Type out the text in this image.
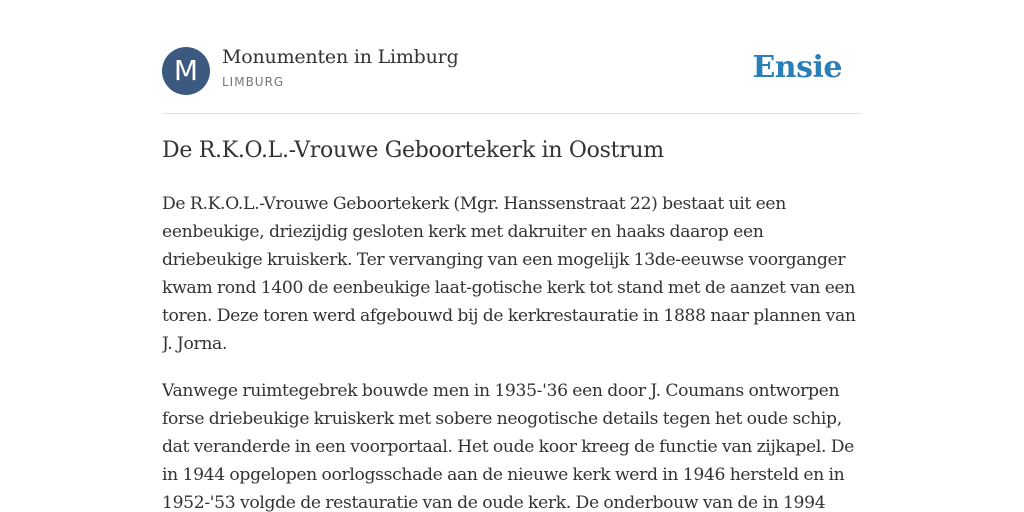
M	Monumenten in Limburg
LIMBURG	Ensie
De R.K.O.L.-Vrouwe Geboortekerk in Oostrum

De R.K.O.L.-Vrouwe Geboortekerk (Mgr. Hanssenstraat 22) bestaat uit een eenbeukige, driezijdig gesloten kerk met dakruiter en haaks daarop een driebeukige kruiskerk. Ter vervanging van een mogelijk 13de-eeuwse voorganger kwam rond 1400 de eenbeukige laat-gotische kerk tot stand met de aanzet van een toren. Deze toren werd afgebouwd bij de kerkrestauratie in 1888 naar plannen van J. Jorna.

Vanwege ruimtegebrek bouwde men in 1935-'36 een door J. Coumans ontworpen forse driebeukige kruiskerk met sobere neogotische details tegen het oude schip, dat veranderde in een voorportaal. Het oude koor kreeg de functie van zijkapel. De in 1944 opgelopen oorlogsschade aan de nieuwe kerk werd in 1946 hersteld en in 1952-'53 volgde de restauratie van de oude kerk. De onderbouw van de in 1994
